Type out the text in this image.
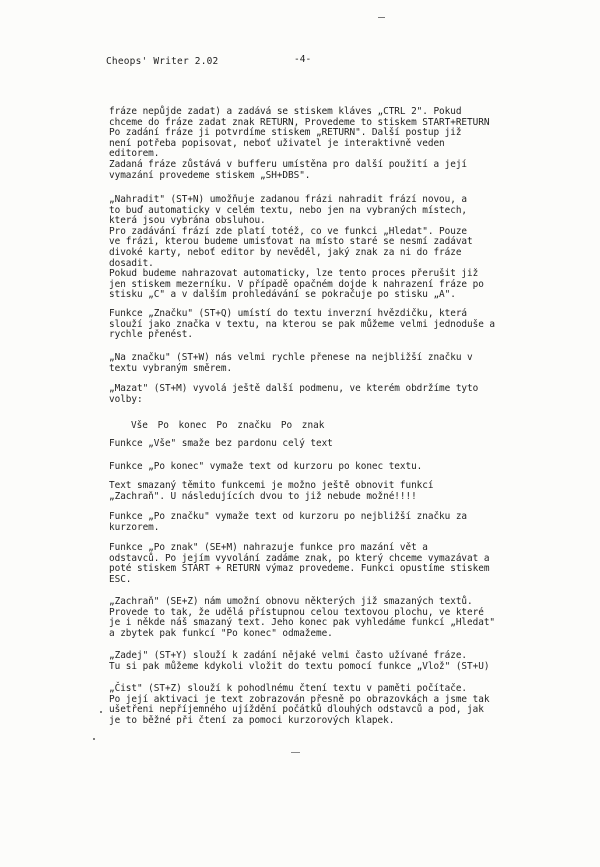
Cheops' Writer 2.02	-4-
fráze nepůjde zadat) a zadává se stiskem kláves „CTRL 2". Pokud
chceme do fráze zadat znak RETURN, Provedeme to stiskem START+RETURN
Po zadání fráze ji potvrdíme stiskem „RETURN". Další postup již
není potřeba popisovat, neboť uživatel je interaktivně veden
editorem.
Zadaná fráze zůstává v bufferu umístěna pro další použití a její
vymazání provedeme stiskem „SH+DBS".
„Nahradit" (ST+N) umožňuje zadanou frázi nahradit frází novou, a
to buď automaticky v celém textu, nebo jen na vybraných místech,
která jsou vybrána obsluhou.
Pro zadávání frází zde platí totéž, co ve funkci „Hledat". Pouze
ve frázi, kterou budeme umisťovat na místo staré se nesmí zadávat
divoké karty, neboť editor by nevěděl, jaký znak za ni do fráze
dosadit.
Pokud budeme nahrazovat automaticky, lze tento proces přerušit již
jen stiskem mezerníku. V případě opačném dojde k nahrazení fráze po
stisku „C" a v dalším prohledávání se pokračuje po stisku „A".
Funkce „Značku" (ST+Q) umístí do textu inverzní hvězdičku, která
slouží jako značka v textu, na kterou se pak můžeme velmi jednoduše a
rychle přenést.
„Na značku" (ST+W) nás velmi rychle přenese na nejbližší značku v
textu vybraným směrem.
„Mazat" (ST+M) vyvolá ještě další podmenu, ve kterém obdržíme tyto
volby:
Vše Po konec Po značku Po znak
Funkce „Vše" smaže bez pardonu celý text
Funkce „Po konec" vymaže text od kurzoru po konec textu.
Text smazaný těmito funkcemi je možno ještě obnovit funkcí
„Zachraň". U následujících dvou to již nebude možné!!!!
Funkce „Po značku" vymaže text od kurzoru po nejbližší značku za
kurzorem.
Funkce „Po znak" (SE+M) nahrazuje funkce pro mazání vět a
odstavců. Po jejím vyvolání zadáme znak, po který chceme vymazávat a
poté stiskem START + RETURN výmaz provedeme. Funkci opustíme stiskem
ESC.
„Zachraň" (SE+Z) nám umožní obnovu některých již smazaných textů.
Provede to tak, že udělá přístupnou celou textovou plochu, ve které
je i někde náš smazaný text. Jeho konec pak vyhledáme funkcí „Hledat"
a zbytek pak funkcí "Po konec" odmažeme.
„Zadej" (ST+Y) slouží k zadání nějaké velmi často užívané fráze.
Tu si pak můžeme kdykoli vložit do textu pomocí funkce „Vlož" (ST+U)
„Čist" (ST+Z) slouží k pohodlnému čtení textu v paměti počítače.
Po její aktivaci je text zobrazován přesně po obrazovkách a jsme tak
ušetřeni nepříjemného ujíždění počátků dlouhých odstavců a pod, jak
je to běžné při čtení za pomoci kurzorových klapek.
